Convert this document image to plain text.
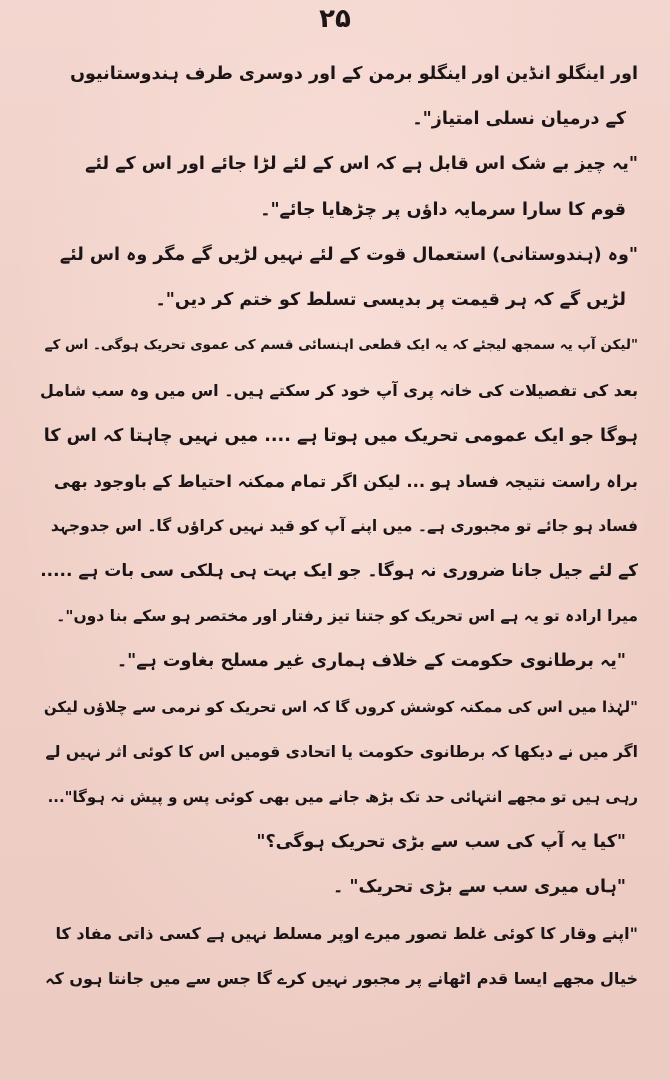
۲۵
اور اینگلو انڈین اور اینگلو برمن کے اور دوسری طرف ہندوستانیوں
کے درمیان نسلی امتیاز"۔
"یہ چیز بے شک اس قابل ہے کہ اس کے لئے لڑا جائے اور اس کے لئے
قوم کا سارا سرمایہ داؤں پر چڑھایا جائے"۔
"وہ (ہندوستانی) استعمال قوت کے لئے نہیں لڑیں گے مگر وہ اس لئے
لڑیں گے کہ ہر قیمت پر بدیسی تسلط کو ختم کر دیں"۔
"لیکن آپ یہ سمجھ لیجئے کہ یہ ایک قطعی اہنسائی قسم کی عموی تحریک ہوگی۔ اس کے
بعد کی تفصیلات کی خانہ پری آپ خود کر سکتے ہیں۔ اس میں وہ سب شامل
ہوگا جو ایک عمومی تحریک میں ہوتا ہے .... میں نہیں چاہتا کہ اس کا
براہ راست نتیجہ فساد ہو ... لیکن اگر تمام ممکنہ احتیاط کے باوجود بھی
فساد ہو جائے تو مجبوری ہے۔ میں اپنے آپ کو قید نہیں کراؤں گا۔ اس جدوجہد
کے لئے جیل جانا ضروری نہ ہوگا۔ جو ایک بہت ہی ہلکی سی بات ہے .....
میرا ارادہ تو یہ ہے اس تحریک کو جتنا تیز رفتار اور مختصر ہو سکے بنا دوں"۔
"یہ برطانوی حکومت کے خلاف ہماری غیر مسلح بغاوت ہے"۔
"لہٰذا میں اس کی ممکنہ کوشش کروں گا کہ اس تحریک کو نرمی سے چلاؤں لیکن
اگر میں نے دیکھا کہ برطانوی حکومت یا اتحادی قومیں اس کا کوئی اثر نہیں لے
رہی ہیں تو مجھے انتہائی حد تک بڑھ جانے میں بھی کوئی پس و پیش نہ ہوگا"...
"کیا یہ آپ کی سب سے بڑی تحریک ہوگی؟"
"ہاں میری سب سے بڑی تحریک" ۔
"اپنے وقار کا کوئی غلط تصور میرے اوپر مسلط نہیں ہے کسی ذاتی مفاد کا
خیال مجھے ایسا قدم اٹھانے پر مجبور نہیں کرے گا جس سے میں جانتا ہوں کہ
